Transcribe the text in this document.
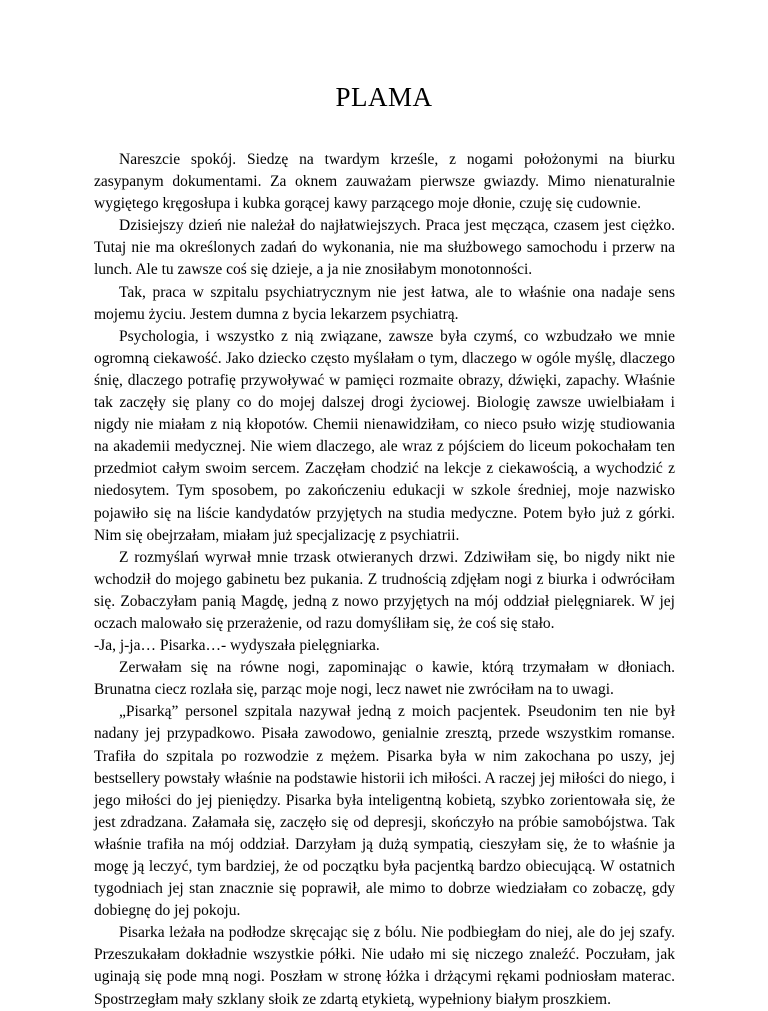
PLAMA

Nareszcie spokój. Siedzę na twardym krześle, z nogami położonymi na biurku zasypanym dokumentami. Za oknem zauważam pierwsze gwiazdy. Mimo nienaturalnie wygiętego kręgosłupa i kubka gorącej kawy parzącego moje dłonie, czuję się cudownie.

Dzisiejszy dzień nie należał do najłatwiejszych. Praca jest męcząca, czasem jest ciężko. Tutaj nie ma określonych zadań do wykonania, nie ma służbowego samochodu i przerw na lunch. Ale tu zawsze coś się dzieje, a ja nie znosiłabym monotonności.

Tak, praca w szpitalu psychiatrycznym nie jest łatwa, ale to właśnie ona nadaje sens mojemu życiu. Jestem dumna z bycia lekarzem psychiatrą.

Psychologia, i wszystko z nią związane, zawsze była czymś, co wzbudzało we mnie ogromną ciekawość. Jako dziecko często myślałam o tym, dlaczego w ogóle myślę, dlaczego śnię, dlaczego potrafię przywoływać w pamięci rozmaite obrazy, dźwięki, zapachy. Właśnie tak zaczęły się plany co do mojej dalszej drogi życiowej. Biologię zawsze uwielbiałam i nigdy nie miałam z nią kłopotów. Chemii nienawidziłam, co nieco psuło wizję studiowania na akademii medycznej. Nie wiem dlaczego, ale wraz z pójściem do liceum pokochałam ten przedmiot całym swoim sercem. Zaczęłam chodzić na lekcje z ciekawością, a wychodzić z niedosytem. Tym sposobem, po zakończeniu edukacji w szkole średniej, moje nazwisko pojawiło się na liście kandydatów przyjętych na studia medyczne. Potem było już z górki. Nim się obejrzałam, miałam już specjalizację z psychiatrii.

Z rozmyślań wyrwał mnie trzask otwieranych drzwi. Zdziwiłam się, bo nigdy nikt nie wchodził do mojego gabinetu bez pukania. Z trudnością zdjęłam nogi z biurka i odwróciłam się. Zobaczyłam panią Magdę, jedną z nowo przyjętych na mój oddział pielęgniarek. W jej oczach malowało się przerażenie, od razu domyśliłam się, że coś się stało.

-Ja, j-ja… Pisarka…- wydyszała pielęgniarka.

Zerwałam się na równe nogi, zapominając o kawie, którą trzymałam w dłoniach. Brunatna ciecz rozlała się, parząc moje nogi, lecz nawet nie zwróciłam na to uwagi.

„Pisarką” personel szpitala nazywał jedną z moich pacjentek. Pseudonim ten nie był nadany jej przypadkowo. Pisała zawodowo, genialnie zresztą, przede wszystkim romanse. Trafiła do szpitala po rozwodzie z mężem. Pisarka była w nim zakochana po uszy, jej bestsellery powstały właśnie na podstawie historii ich miłości. A raczej jej miłości do niego, i jego miłości do jej pieniędzy. Pisarka była inteligentną kobietą, szybko zorientowała się, że jest zdradzana. Załamała się, zaczęło się od depresji, skończyło na próbie samobójstwa. Tak właśnie trafiła na mój oddział. Darzyłam ją dużą sympatią, cieszyłam się, że to właśnie ja mogę ją leczyć, tym bardziej, że od początku była pacjentką bardzo obiecującą. W ostatnich tygodniach jej stan znacznie się poprawił, ale mimo to dobrze wiedziałam co zobaczę, gdy dobiegnę do jej pokoju.

Pisarka leżała na podłodze skręcając się z bólu. Nie podbiegłam do niej, ale do jej szafy. Przeszukałam dokładnie wszystkie półki. Nie udało mi się niczego znaleźć. Poczułam, jak uginają się pode mną nogi. Poszłam w stronę łóżka i drżącymi rękami podniosłam materac. Spostrzegłam mały szklany słoik ze zdartą etykietą, wypełniony białym proszkiem.
